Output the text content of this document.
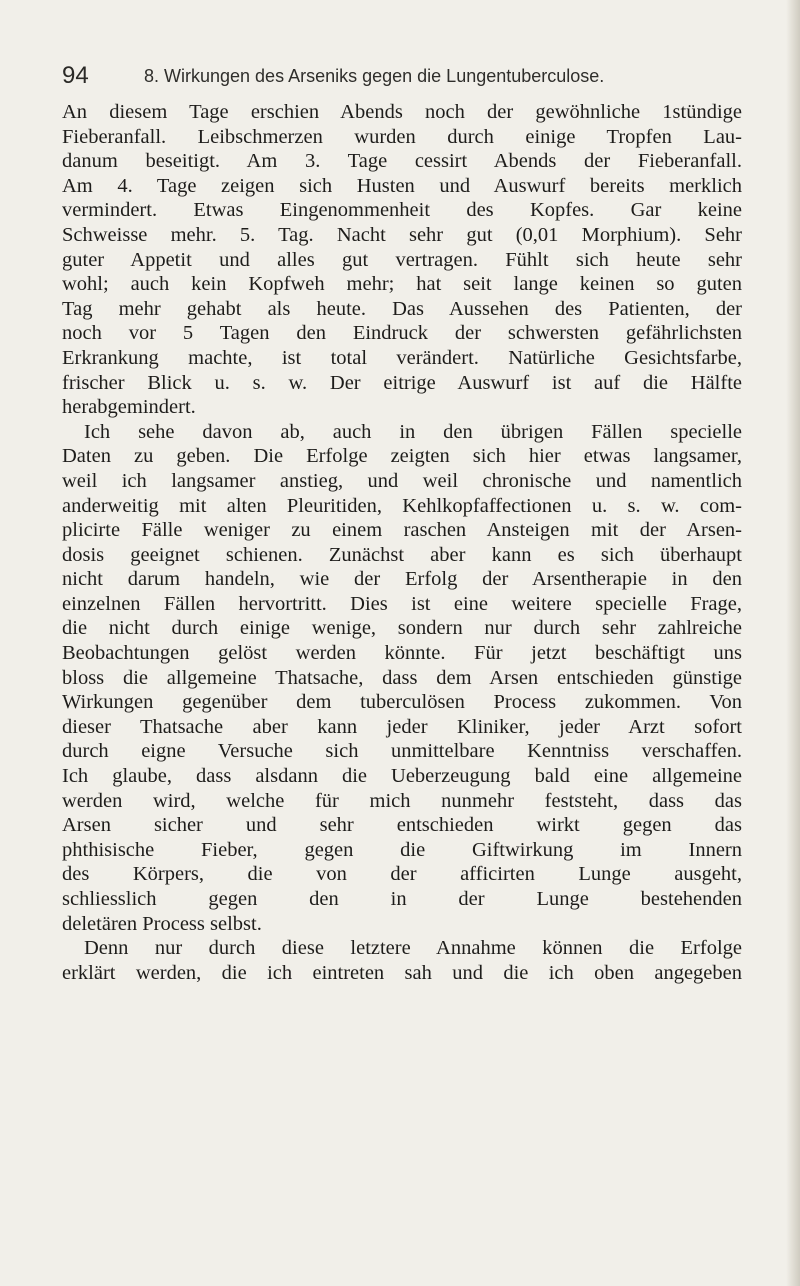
94	8. Wirkungen des Arseniks gegen die Lungentuberculose.
An diesem Tage erschien Abends noch der gewöhnliche 1stündige
Fieberanfall. Leibschmerzen wurden durch einige Tropfen Lau-
danum beseitigt. Am 3. Tage cessirt Abends der Fieberanfall.
Am 4. Tage zeigen sich Husten und Auswurf bereits merklich
vermindert. Etwas Eingenommenheit des Kopfes. Gar keine
Schweisse mehr. 5. Tag. Nacht sehr gut (0,01 Morphium). Sehr
guter Appetit und alles gut vertragen. Fühlt sich heute sehr
wohl; auch kein Kopfweh mehr; hat seit lange keinen so guten
Tag mehr gehabt als heute. Das Aussehen des Patienten, der
noch vor 5 Tagen den Eindruck der schwersten gefährlichsten
Erkrankung machte, ist total verändert. Natürliche Gesichtsfarbe,
frischer Blick u. s. w. Der eitrige Auswurf ist auf die Hälfte
herabgemindert.
Ich sehe davon ab, auch in den übrigen Fällen specielle
Daten zu geben. Die Erfolge zeigten sich hier etwas langsamer,
weil ich langsamer anstieg, und weil chronische und namentlich
anderweitig mit alten Pleuritiden, Kehlkopfaffectionen u. s. w. com-
plicirte Fälle weniger zu einem raschen Ansteigen mit der Arsen-
dosis geeignet schienen. Zunächst aber kann es sich überhaupt
nicht darum handeln, wie der Erfolg der Arsentherapie in den
einzelnen Fällen hervortritt. Dies ist eine weitere specielle Frage,
die nicht durch einige wenige, sondern nur durch sehr zahlreiche
Beobachtungen gelöst werden könnte. Für jetzt beschäftigt uns
bloss die allgemeine Thatsache, dass dem Arsen entschieden günstige
Wirkungen gegenüber dem tuberculösen Process zukommen. Von
dieser Thatsache aber kann jeder Kliniker, jeder Arzt sofort
durch eigne Versuche sich unmittelbare Kenntniss verschaffen.
Ich glaube, dass alsdann die Ueberzeugung bald eine allgemeine
werden wird, welche für mich nunmehr feststeht, dass das
Arsen sicher und sehr entschieden wirkt gegen das
phthisische Fieber, gegen die Giftwirkung im Innern
des Körpers, die von der afficirten Lunge ausgeht,
schliesslich gegen den in der Lunge bestehenden
deletären Process selbst.
Denn nur durch diese letztere Annahme können die Erfolge
erklärt werden, die ich eintreten sah und die ich oben angegeben
